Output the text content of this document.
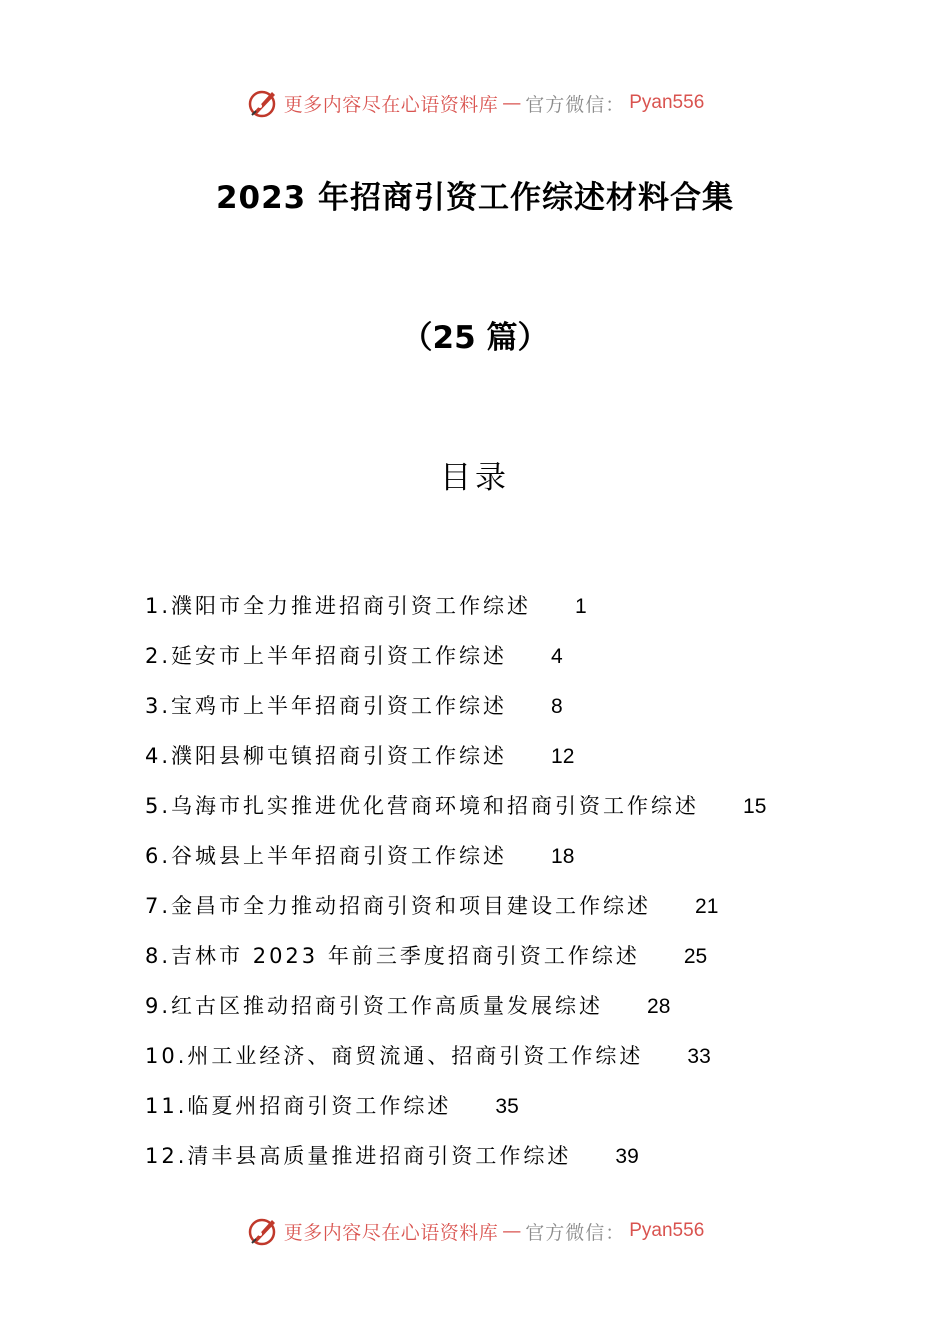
更多内容尽在心语资料库 — 官方微信： Pyan556
2023 年招商引资工作综述材料合集
（25 篇）
目录
1.濮阳市全力推进招商引资工作综述 1
2.延安市上半年招商引资工作综述 4
3.宝鸡市上半年招商引资工作综述 8
4.濮阳县柳屯镇招商引资工作综述 12
5.乌海市扎实推进优化营商环境和招商引资工作综述 15
6.谷城县上半年招商引资工作综述 18
7.金昌市全力推动招商引资和项目建设工作综述 21
8.吉林市 2023 年前三季度招商引资工作综述 25
9.红古区推动招商引资工作高质量发展综述 28
10.州工业经济、商贸流通、招商引资工作综述 33
11.临夏州招商引资工作综述 35
12.清丰县高质量推进招商引资工作综述 39
更多内容尽在心语资料库 — 官方微信： Pyan556
